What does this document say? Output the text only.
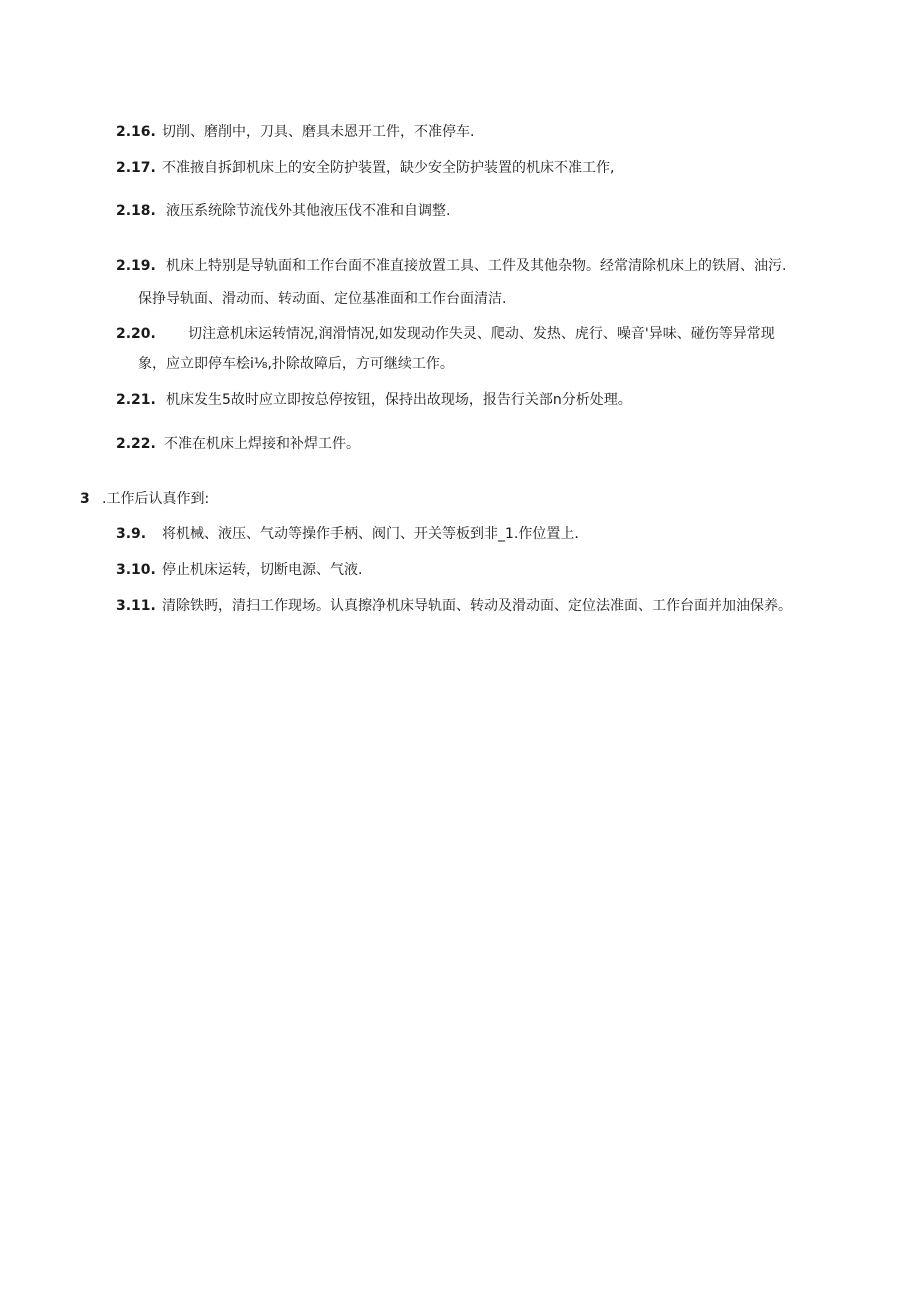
2.16. 切削、磨削中，刀具、磨具未恩开工件，不准停车.
2.17. 不准掖自拆卸机床上的安全防护装置，缺少安全防护装置的机床不准工作,
2.18. 液压系统除节流伐外其他液压伐不准和自调整.
2.19. 机床上特别是导轨面和工作台面不准直接放置工具、工件及其他杂物。经常清除机床上的铁屑、油污.
保挣导轨面、滑动而、转动面、定位基准面和工作台面清洁.
2.20. 切注意机床运转情况,润滑情况,如发现动作失灵、爬动、发热、虎行、噪音'异味、碰伤等异常现
象，应立即停车桧i⅛,扑除故障后，方可继续工作。
2.21. 机床发生5故时应立即按总停按钮，保持出故现场，报告行关部n分析处理。
2.22. 不准在机床上焊接和补焊工件。
3 .工作后认真作到:
3.9. 将机械、液压、气动等操作手柄、阀门、开关等板到非_1.作位置上.
3.10. 停止机床运转，切断电源、气液.
3.11. 清除铁眄，清扫工作现场。认真擦净机床导轨面、转动及滑动面、定位法准面、工作台面并加油保养。
